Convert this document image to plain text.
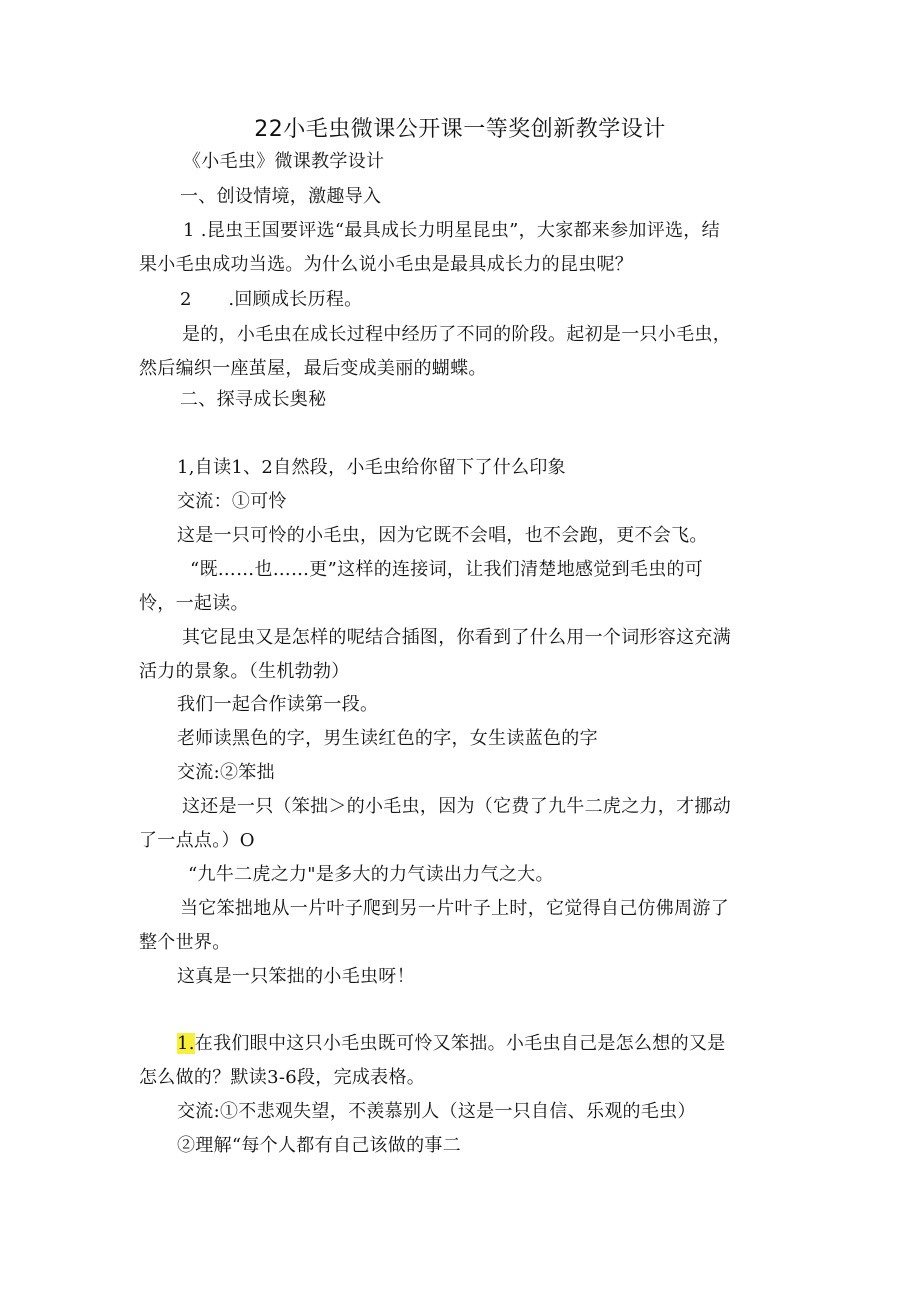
22小毛虫微课公开课一等奖创新教学设计
《小毛虫》微课教学设计
一、创设情境，激趣导入
1 .昆虫王国要评选“最具成长力明星昆虫”，大家都来参加评选，结
果小毛虫成功当选。为什么说小毛虫是最具成长力的昆虫呢？
2　　.回顾成长历程。
是的，小毛虫在成长过程中经历了不同的阶段。起初是一只小毛虫，
然后编织一座茧屋，最后变成美丽的蝴蝶。
二、探寻成长奥秘
1,自读1、2自然段，小毛虫给你留下了什么印象
交流：①可怜
这是一只可怜的小毛虫，因为它既不会唱，也不会跑，更不会飞。
“既……也……更”这样的连接词，让我们清楚地感觉到毛虫的可
怜，一起读。
其它昆虫又是怎样的呢结合插图，你看到了什么用一个词形容这充满
活力的景象。（生机勃勃）
我们一起合作读第一段。
老师读黑色的字，男生读红色的字，女生读蓝色的字
交流:②笨拙
这还是一只（笨拙＞的小毛虫，因为（它费了九牛二虎之力，才挪动
了一点点。）O
“九牛二虎之力"是多大的力气读出力气之大。
当它笨拙地从一片叶子爬到另一片叶子上时，它觉得自己仿佛周游了
整个世界。
这真是一只笨拙的小毛虫呀！
1.在我们眼中这只小毛虫既可怜又笨拙。小毛虫自己是怎么想的又是
怎么做的？默读3-6段，完成表格。
交流:①不悲观失望，不羡慕别人（这是一只自信、乐观的毛虫）
②理解“每个人都有自己该做的事二
